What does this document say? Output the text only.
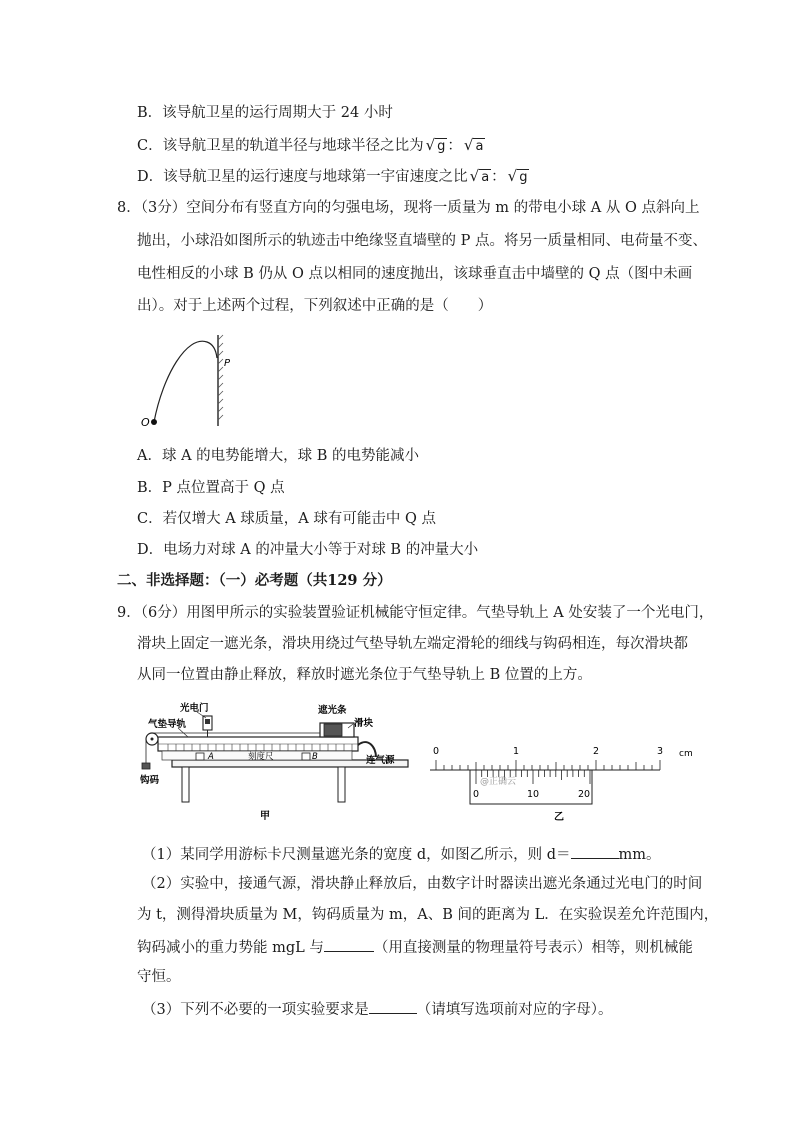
B．该导航卫星的运行周期大于 24 小时
C．该导航卫星的轨道半径与地球半径之比为 √ g ： √ a
D．该导航卫星的运行速度与地球第一宇宙速度之比 √ a ： √ g
8．（3分）空间分布有竖直方向的匀强电场，现将一质量为 m 的带电小球 A 从 O 点斜向上
抛出，小球沿如图所示的轨迹击中绝缘竖直墙壁的 P 点。将另一质量相同、电荷量不变、
电性相反的小球 B 仍从 O 点以相同的速度抛出，该球垂直击中墙壁的 Q 点（图中未画
出）。对于上述两个过程，下列叙述中正确的是（　　）
O
P
A．球 A 的电势能增大，球 B 的电势能减小
B．P 点位置高于 Q 点
C．若仅增大 A 球质量，A 球有可能击中 Q 点
D．电场力对球 A 的冲量大小等于对球 B 的冲量大小
二、非选择题：（一）必考题（共129 分）
9．（6分）用图甲所示的实验装置验证机械能守恒定律。气垫导轨上 A 处安装了一个光电门，
滑块上固定一遮光条，滑块用绕过气垫导轨左端定滑轮的细线与钩码相连，每次滑块都
从同一位置由静止释放，释放时遮光条位于气垫导轨上 B 位置的上方。
光电门
气垫导轨
遮光条
滑块
钩码
刻度尺	连气源
A	B
甲
0	1	2	3 cm
@正确云
0	10	20
乙
（1）某同学用游标卡尺测量遮光条的宽度 d，如图乙所示，则 d＝	mm。
（2）实验中，接通气源，滑块静止释放后，由数字计时器读出遮光条通过光电门的时间
为 t，测得滑块质量为 M，钩码质量为 m，A、B 间的距离为 L．在实验误差允许范围内，
钩码减小的重力势能 mgL 与	（用直接测量的物理量符号表示）相等，则机械能
守恒。
（3）下列不必要的一项实验要求是	（请填写选项前对应的字母）。
